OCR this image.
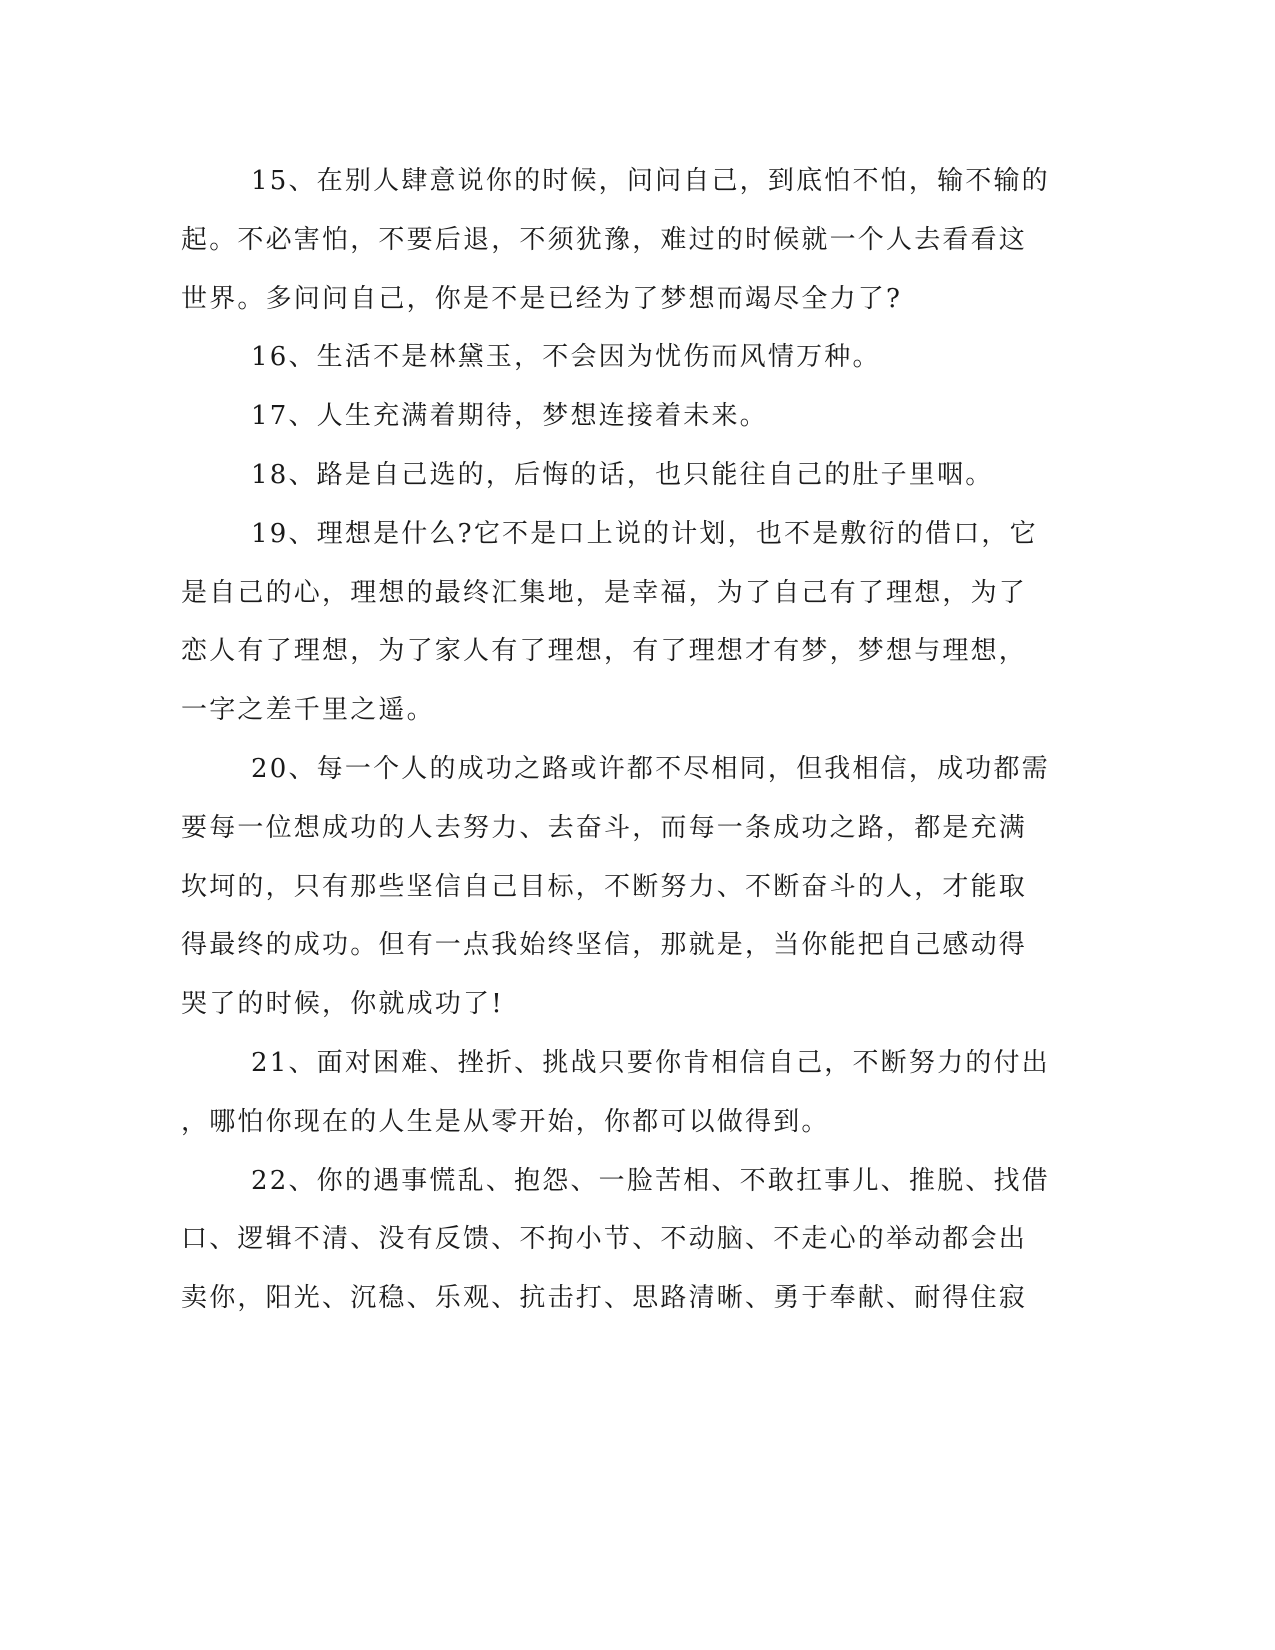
15、在别人肆意说你的时候，问问自己，到底怕不怕，输不输的
起。不必害怕，不要后退，不须犹豫，难过的时候就一个人去看看这
世界。多问问自己，你是不是已经为了梦想而竭尽全力了?
16、生活不是林黛玉，不会因为忧伤而风情万种。
17、人生充满着期待，梦想连接着未来。
18、路是自己选的，后悔的话，也只能往自己的肚子里咽。
19、理想是什么?它不是口上说的计划，也不是敷衍的借口，它
是自己的心，理想的最终汇集地，是幸福，为了自己有了理想，为了
恋人有了理想，为了家人有了理想，有了理想才有梦，梦想与理想，
一字之差千里之遥。
20、每一个人的成功之路或许都不尽相同，但我相信，成功都需
要每一位想成功的人去努力、去奋斗，而每一条成功之路，都是充满
坎坷的，只有那些坚信自己目标，不断努力、不断奋斗的人，才能取
得最终的成功。但有一点我始终坚信，那就是，当你能把自己感动得
哭了的时候，你就成功了!
21、面对困难、挫折、挑战只要你肯相信自己，不断努力的付出
，哪怕你现在的人生是从零开始，你都可以做得到。
22、你的遇事慌乱、抱怨、一脸苦相、不敢扛事儿、推脱、找借
口、逻辑不清、没有反馈、不拘小节、不动脑、不走心的举动都会出
卖你，阳光、沉稳、乐观、抗击打、思路清晰、勇于奉献、耐得住寂
